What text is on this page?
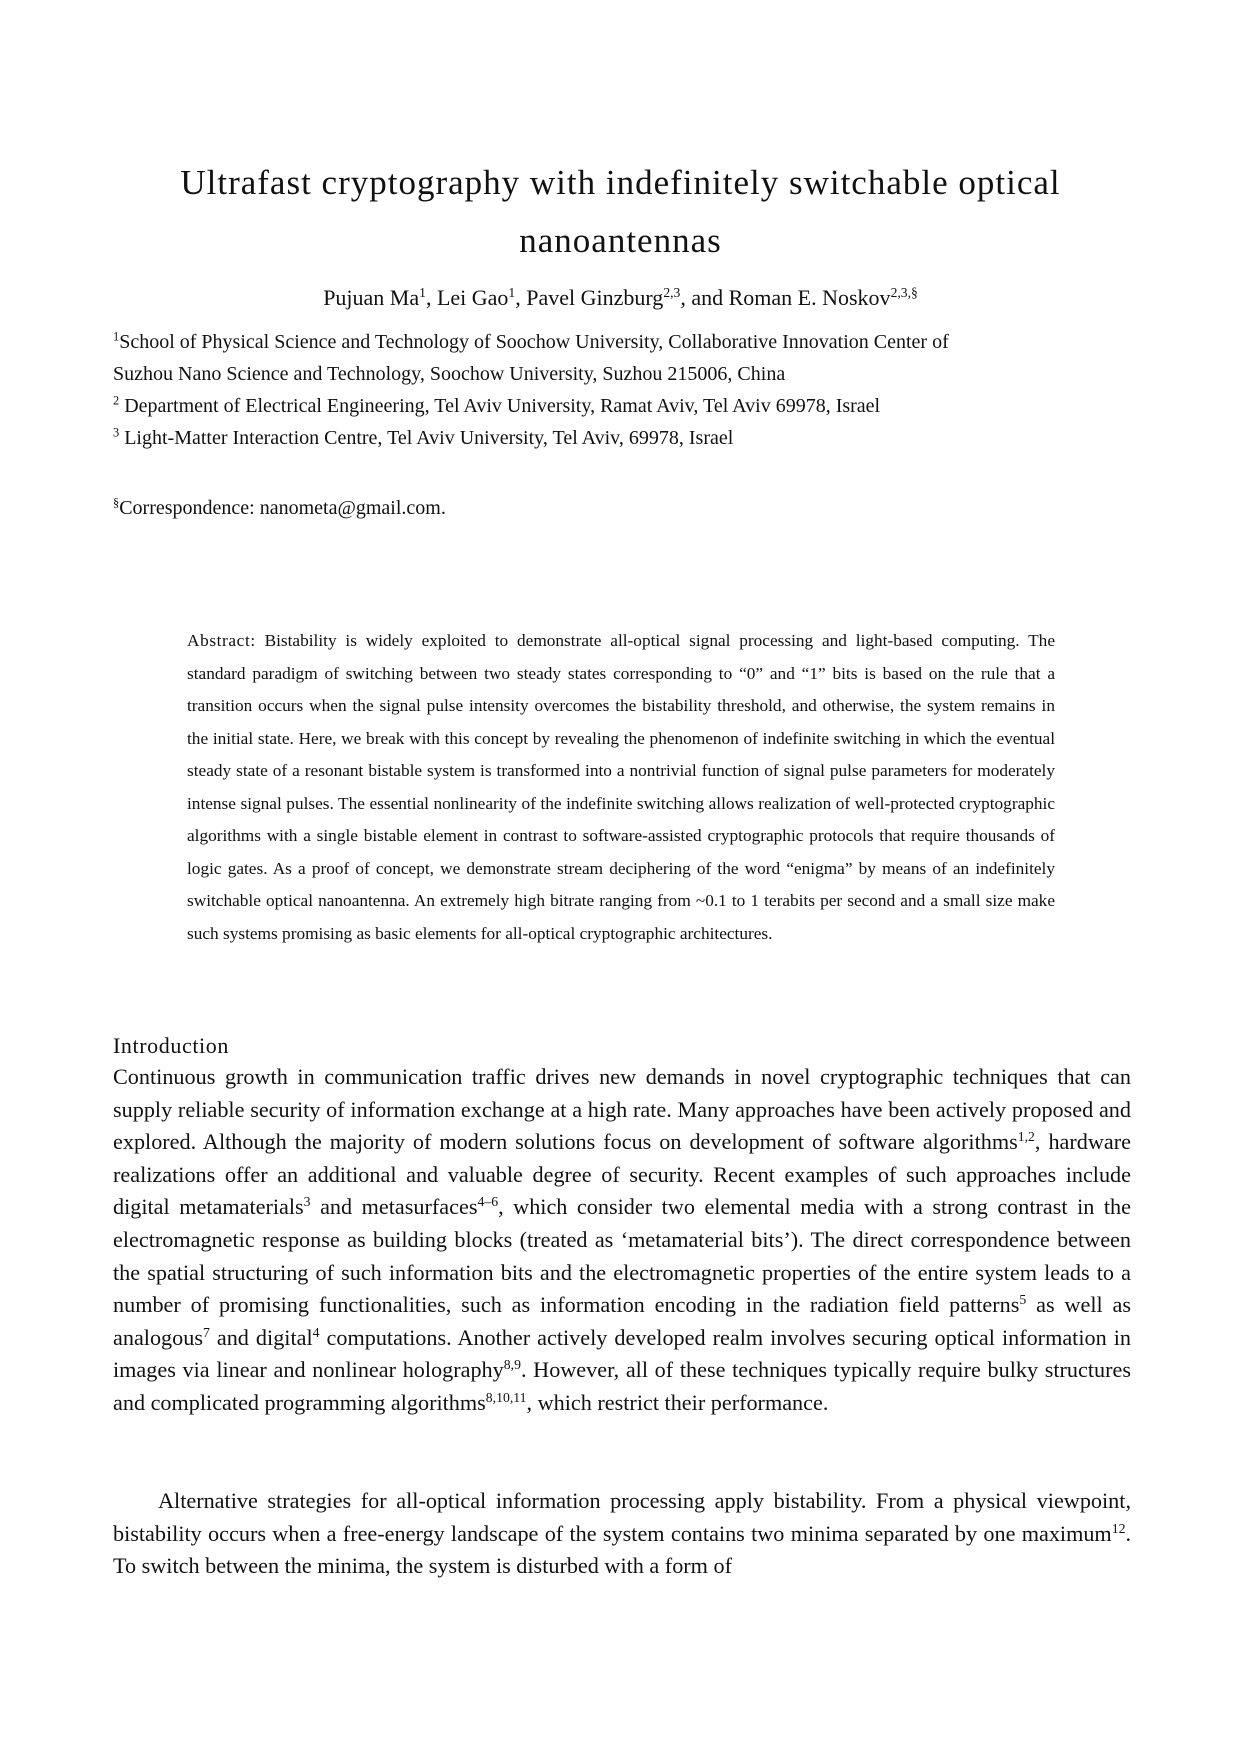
Ultrafast cryptography with indefinitely switchable optical
nanoantennas
Pujuan Ma$^1$, Lei Gao$^1$, Pavel Ginzburg$^{2,3}$, and Roman E. Noskov$^{2,3,\S}$
$^1$School of Physical Science and Technology of Soochow University, Collaborative Innovation Center of
Suzhou Nano Science and Technology, Soochow University, Suzhou 215006, China
$^2$ Department of Electrical Engineering, Tel Aviv University, Ramat Aviv, Tel Aviv 69978, Israel
$^3$ Light-Matter Interaction Centre, Tel Aviv University, Tel Aviv, 69978, Israel
§Correspondence: nanometa@gmail.com.

Abstract: Bistability is widely exploited to demonstrate all-optical signal processing and light-based computing. The standard paradigm of switching between two steady states corresponding to “0” and “1” bits is based on the rule that a transition occurs when the signal pulse intensity overcomes the bistability threshold, and otherwise, the system remains in the initial state. Here, we break with this concept by revealing the phenomenon of indefinite switching in which the eventual steady state of a resonant bistable system is transformed into a nontrivial function of signal pulse parameters for moderately intense signal pulses. The essential nonlinearity of the indefinite switching allows realization of well-protected cryptographic algorithms with a single bistable element in contrast to software-assisted cryptographic protocols that require thousands of logic gates. As a proof of concept, we demonstrate stream deciphering of the word “enigma” by means of an indefinitely switchable optical nanoantenna. An extremely high bitrate ranging from ~0.1 to 1 terabits per second and a small size make such systems promising as basic elements for all-optical cryptographic architectures.

Introduction

Continuous growth in communication traffic drives new demands in novel cryptographic techniques that can supply reliable security of information exchange at a high rate. Many approaches have been actively proposed and explored. Although the majority of modern solutions focus on development of software algorithms$^{1,2}$, hardware realizations offer an additional and valuable degree of security. Recent examples of such approaches include digital metamaterials$^3$ and metasurfaces$^{4-6}$, which consider two elemental media with a strong contrast in the electromagnetic response as building blocks (treated as ‘metamaterial bits’). The direct correspondence between the spatial structuring of such information bits and the electromagnetic properties of the entire system leads to a number of promising functionalities, such as information encoding in the radiation field patterns$^5$ as well as analogous$^7$ and digital$^4$ computations. Another actively developed realm involves securing optical information in images via linear and nonlinear holography$^{8,9}$. However, all of these techniques typically require bulky structures and complicated programming algorithms$^{8,10,11}$, which restrict their performance.

Alternative strategies for all-optical information processing apply bistability. From a physical viewpoint, bistability occurs when a free-energy landscape of the system contains two minima separated by one maximum$^{12}$. To switch between the minima, the system is disturbed with a form of
